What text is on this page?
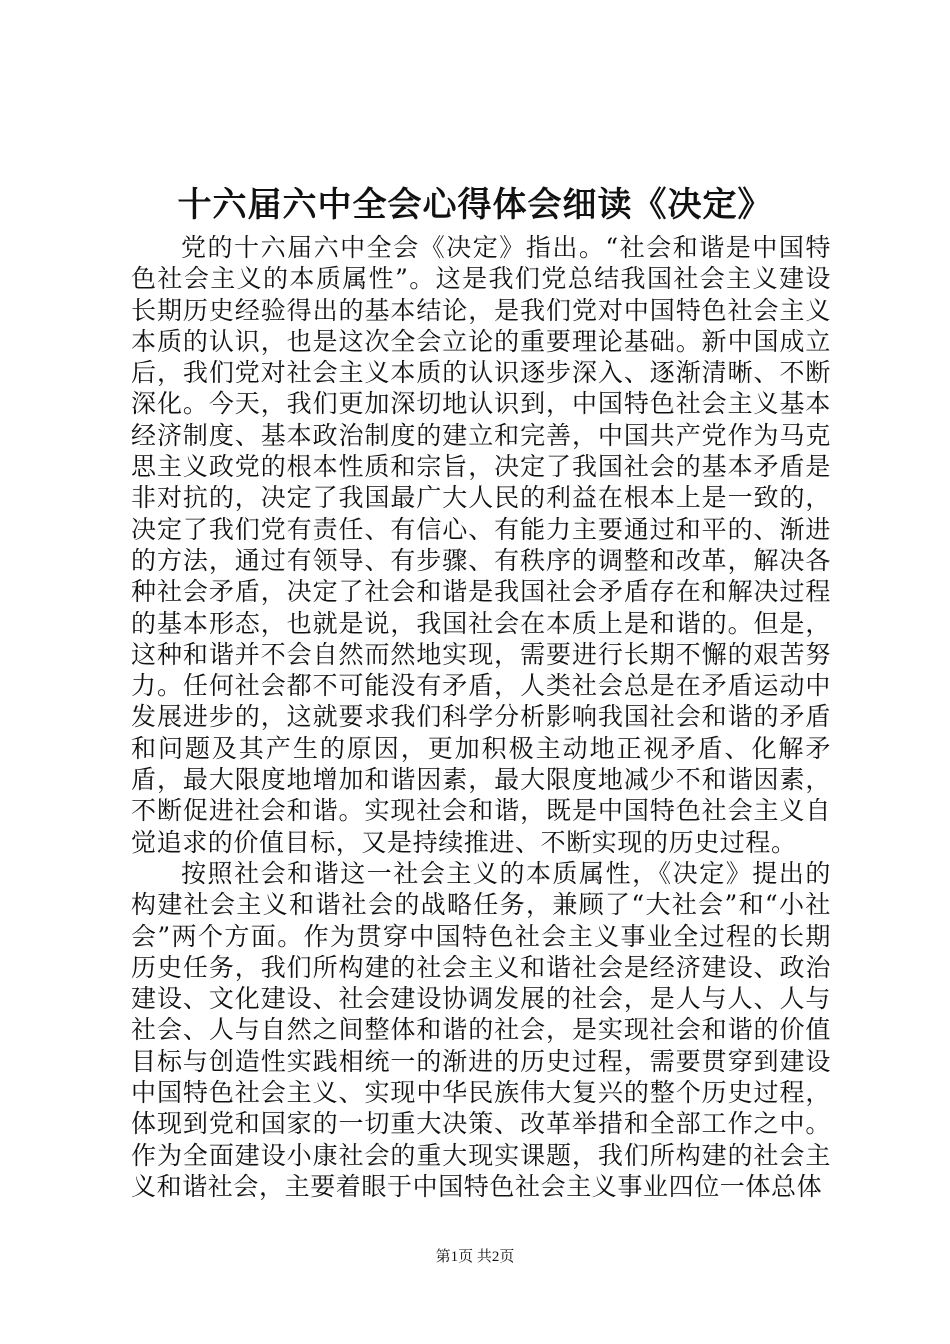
十六届六中全会心得体会细读《决定》

党的十六届六中全会《决定》指出。“社会和谐是中国特色社会主义的本质属性”。这是我们党总结我国社会主义建设长期历史经验得出的基本结论，是我们党对中国特色社会主义本质的认识，也是这次全会立论的重要理论基础。新中国成立后，我们党对社会主义本质的认识逐步深入、逐渐清晰、不断深化。今天，我们更加深切地认识到，中国特色社会主义基本经济制度、基本政治制度的建立和完善，中国共产党作为马克思主义政党的根本性质和宗旨，决定了我国社会的基本矛盾是非对抗的，决定了我国最广大人民的利益在根本上是一致的，决定了我们党有责任、有信心、有能力主要通过和平的、渐进的方法，通过有领导、有步骤、有秩序的调整和改革，解决各种社会矛盾，决定了社会和谐是我国社会矛盾存在和解决过程的基本形态，也就是说，我国社会在本质上是和谐的。但是，这种和谐并不会自然而然地实现，需要进行长期不懈的艰苦努力。任何社会都不可能没有矛盾，人类社会总是在矛盾运动中发展进步的，这就要求我们科学分析影响我国社会和谐的矛盾和问题及其产生的原因，更加积极主动地正视矛盾、化解矛盾，最大限度地增加和谐因素，最大限度地减少不和谐因素，不断促进社会和谐。实现社会和谐，既是中国特色社会主义自觉追求的价值目标，又是持续推进、不断实现的历史过程。

按照社会和谐这一社会主义的本质属性，《决定》提出的构建社会主义和谐社会的战略任务，兼顾了“大社会”和“小社会”两个方面。作为贯穿中国特色社会主义事业全过程的长期历史任务，我们所构建的社会主义和谐社会是经济建设、政治建设、文化建设、社会建设协调发展的社会，是人与人、人与社会、人与自然之间整体和谐的社会，是实现社会和谐的价值目标与创造性实践相统一的渐进的历史过程，需要贯穿到建设中国特色社会主义、实现中华民族伟大复兴的整个历史过程，体现到党和国家的一切重大决策、改革举措和全部工作之中。作为全面建设小康社会的重大现实课题，我们所构建的社会主义和谐社会，主要着眼于中国特色社会主义事业四位一体总体

第1页 共2页
